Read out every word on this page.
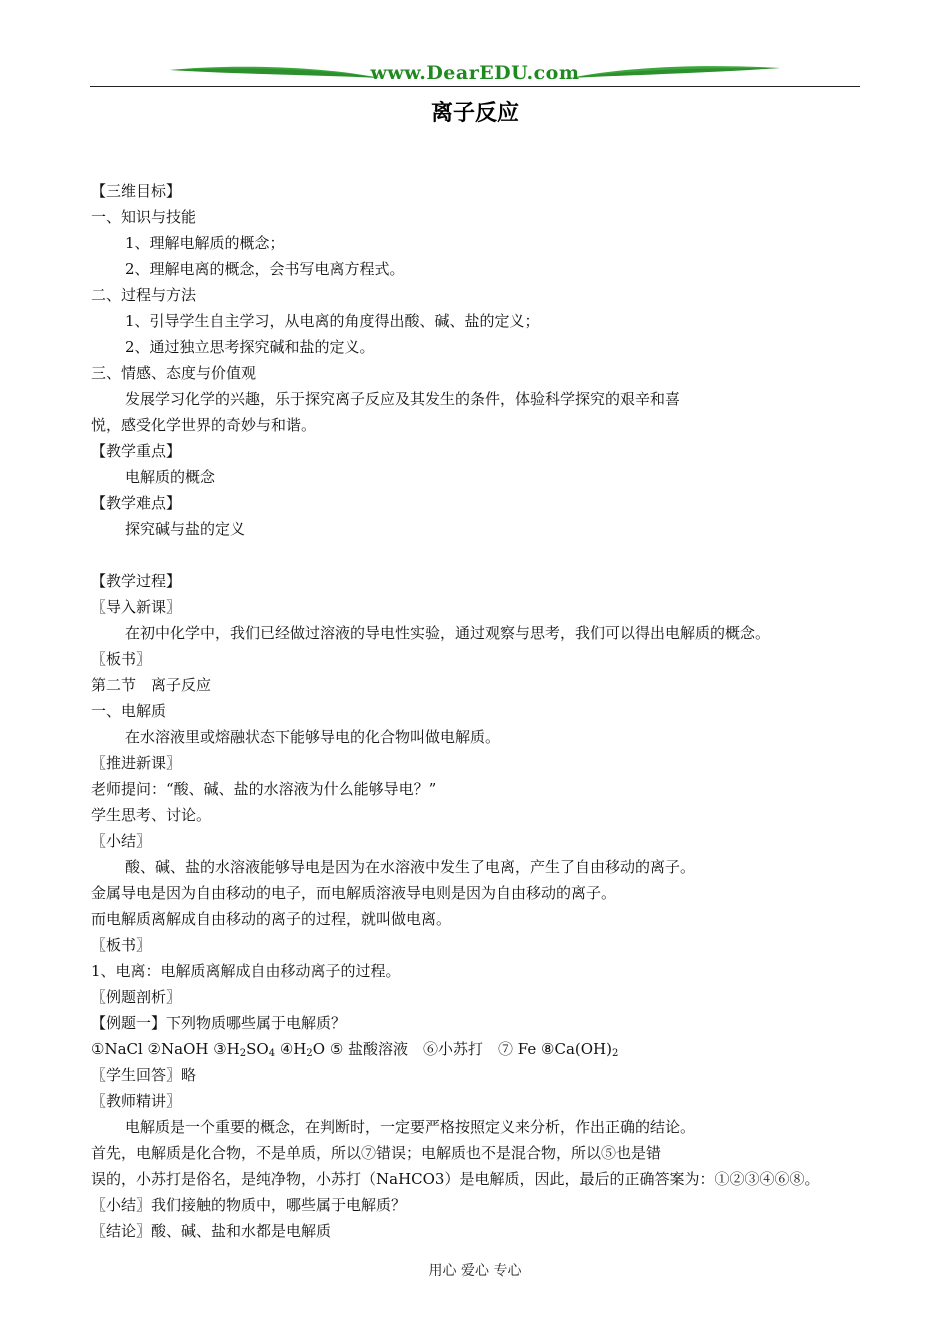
www.DearEDU.com
离子反应
【三维目标】
一、知识与技能
1、理解电解质的概念；
2、理解电离的概念，会书写电离方程式。
二、过程与方法
1、引导学生自主学习，从电离的角度得出酸、碱、盐的定义；
2、通过独立思考探究碱和盐的定义。
三、情感、态度与价值观
发展学习化学的兴趣，乐于探究离子反应及其发生的条件，体验科学探究的艰辛和喜
悦，感受化学世界的奇妙与和谐。
【教学重点】
电解质的概念
【教学难点】
探究碱与盐的定义
【教学过程】
〖导入新课〗
在初中化学中，我们已经做过溶液的导电性实验，通过观察与思考，我们可以得出电解质的概念。
〖板书〗
第二节　离子反应
一、电解质
在水溶液里或熔融状态下能够导电的化合物叫做电解质。
〖推进新课〗
老师提问：“酸、碱、盐的水溶液为什么能够导电？”
学生思考、讨论。
〖小结〗
酸、碱、盐的水溶液能够导电是因为在水溶液中发生了电离，产生了自由移动的离子。
金属导电是因为自由移动的电子，而电解质溶液导电则是因为自由移动的离子。
而电解质离解成自由移动的离子的过程，就叫做电离。
〖板书〗
1、电离：电解质离解成自由移动离子的过程。
〖例题剖析〗
【例题一】下列物质哪些属于电解质？
①NaCl ②NaOH $③H_2SO_4$ $④H_2O$ ⑤ 盐酸溶液　⑥小苏打　⑦ Fe $⑧Ca(OH)_2$
〖学生回答〗略
〖教师精讲〗
电解质是一个重要的概念，在判断时，一定要严格按照定义来分析，作出正确的结论。
首先，电解质是化合物，不是单质，所以⑦错误；电解质也不是混合物，所以⑤也是错
误的，小苏打是俗名，是纯净物，小苏打（NaHCO3）是电解质，因此，最后的正确答案为：①②③④⑥⑧。
〖小结〗我们接触的物质中，哪些属于电解质？
〖结论〗酸、碱、盐和水都是电解质
用心 爱心 专心
